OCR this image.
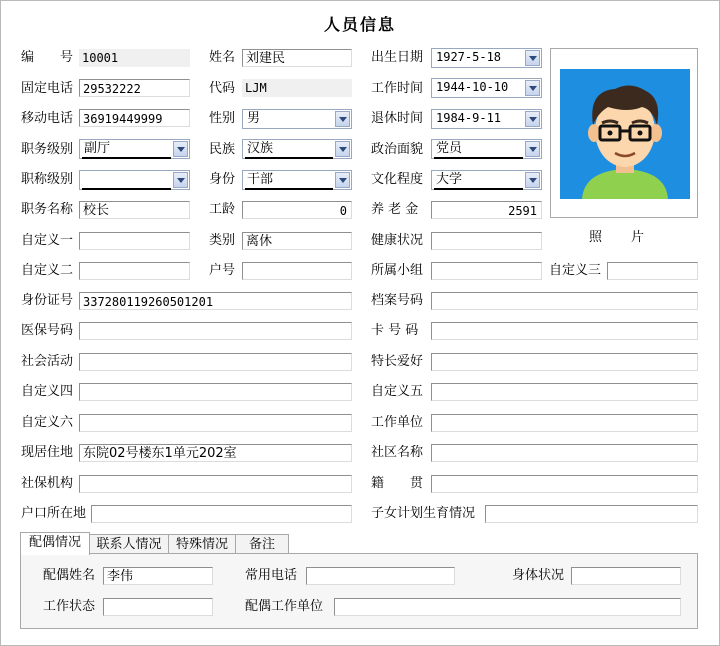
人员信息
编　　号 10001	姓名 刘建民	出生日期 1927-5-18
固定电话 29532222	代码 LJM	工作时间 1944-10-10
移动电话 36919449999	性别 男	退休时间 1984-9-11
职务级别 副厅	民族 汉族	政治面貌 党员
职称级别	身份 干部	文化程度 大学
职务名称 校长	工龄	0	养 老 金	2591
照　　片
自定义一	类别 离休	健康状况
自定义二	户号	所属小组	自定义三
身份证号 337280119260501201	档案号码
医保号码	卡 号 码
社会活动	特长爱好
自定义四	自定义五
自定义六	工作单位
现居住地 东院02号楼东1单元202室	社区名称
社保机构	籍　　贯
户口所在地	子女计划生育情况
配偶情况	联系人情况	特殊情况	备注
配偶姓名 李伟	常用电话	身体状况
工作状态	配偶工作单位
